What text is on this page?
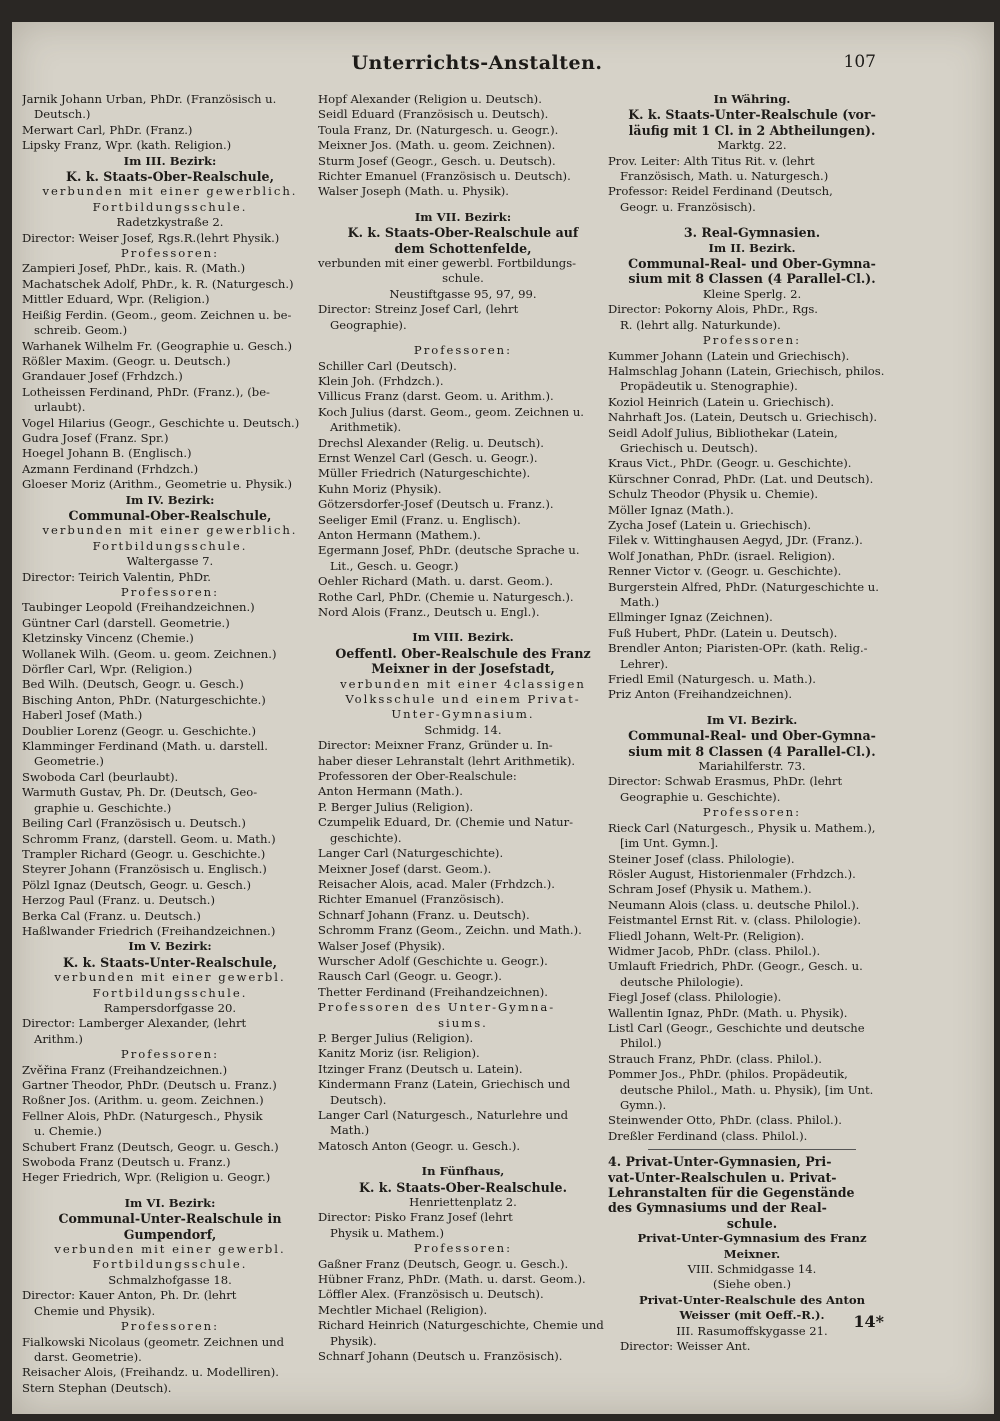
Unterrichts-Anstalten.	107
Jarnik Johann Urban, PhDr. (Französisch u.
Deutsch.)
Merwart Carl, PhDr. (Franz.)
Lipsky Franz, Wpr. (kath. Religion.)
Im III. Bezirk:
K. k. Staats-Ober-Realschule,
verbunden mit einer gewerblich.
Fortbildungsschule.
Radetzkystraße 2.
Director: Weiser Josef, Rgs.R.(lehrt Physik.)
Professoren:
Zampieri Josef, PhDr., kais. R. (Math.)
Machatschek Adolf, PhDr., k. R. (Naturgesch.)
Mittler Eduard, Wpr. (Religion.)
Heißig Ferdin. (Geom., geom. Zeichnen u. be-
schreib. Geom.)
Warhanek Wilhelm Fr. (Geographie u. Gesch.)
Rößler Maxim. (Geogr. u. Deutsch.)
Grandauer Josef (Frhdzch.)
Lotheissen Ferdinand, PhDr. (Franz.), (be-
urlaubt).
Vogel Hilarius (Geogr., Geschichte u. Deutsch.)
Gudra Josef (Franz. Spr.)
Hoegel Johann B. (Englisch.)
Azmann Ferdinand (Frhdzch.)
Gloeser Moriz (Arithm., Geometrie u. Physik.)
Im IV. Bezirk:
Communal-Ober-Realschule,
verbunden mit einer gewerblich.
Fortbildungsschule.
Waltergasse 7.
Director: Teirich Valentin, PhDr.
Professoren:
Taubinger Leopold (Freihandzeichnen.)
Güntner Carl (darstell. Geometrie.)
Kletzinsky Vincenz (Chemie.)
Wollanek Wilh. (Geom. u. geom. Zeichnen.)
Dörfler Carl, Wpr. (Religion.)
Bed Wilh. (Deutsch, Geogr. u. Gesch.)
Bisching Anton, PhDr. (Naturgeschichte.)
Haberl Josef (Math.)
Doublier Lorenz (Geogr. u. Geschichte.)
Klamminger Ferdinand (Math. u. darstell.
Geometrie.)
Swoboda Carl (beurlaubt).
Warmuth Gustav, Ph. Dr. (Deutsch, Geo-
graphie u. Geschichte.)
Beiling Carl (Französisch u. Deutsch.)
Schromm Franz, (darstell. Geom. u. Math.)
Trampler Richard (Geogr. u. Geschichte.)
Steyrer Johann (Französisch u. Englisch.)
Pölzl Ignaz (Deutsch, Geogr. u. Gesch.)
Herzog Paul (Franz. u. Deutsch.)
Berka Cal (Franz. u. Deutsch.)
Haßlwander Friedrich (Freihandzeichnen.)
Im V. Bezirk:
K. k. Staats-Unter-Realschule,
verbunden mit einer gewerbl.
Fortbildungsschule.
Rampersdorfgasse 20.
Director: Lamberger Alexander, (lehrt
Arithm.)
Professoren:
Zvěřina Franz (Freihandzeichnen.)
Gartner Theodor, PhDr. (Deutsch u. Franz.)
Roßner Jos. (Arithm. u. geom. Zeichnen.)
Fellner Alois, PhDr. (Naturgesch., Physik
u. Chemie.)
Schubert Franz (Deutsch, Geogr. u. Gesch.)
Swoboda Franz (Deutsch u. Franz.)
Heger Friedrich, Wpr. (Religion u. Geogr.)
Im VI. Bezirk:
Communal-Unter-Realschule in
Gumpendorf,
verbunden mit einer gewerbl.
Fortbildungsschule.
Schmalzhofgasse 18.
Director: Kauer Anton, Ph. Dr. (lehrt
Chemie und Physik).
Professoren:
Fialkowski Nicolaus (geometr. Zeichnen und
darst. Geometrie).
Reisacher Alois, (Freihandz. u. Modelliren).
Stern Stephan (Deutsch).
Hopf Alexander (Religion u. Deutsch).
Seidl Eduard (Französisch u. Deutsch).
Toula Franz, Dr. (Naturgesch. u. Geogr.).
Meixner Jos. (Math. u. geom. Zeichnen).
Sturm Josef (Geogr., Gesch. u. Deutsch).
Richter Emanuel (Französisch u. Deutsch).
Walser Joseph (Math. u. Physik).
Im VII. Bezirk:
K. k. Staats-Ober-Realschule auf
dem Schottenfelde,
verbunden mit einer gewerbl. Fortbildungs-
schule.
Neustiftgasse 95, 97, 99.
Director: Streinz Josef Carl, (lehrt
Geographie).
Professoren:
Schiller Carl (Deutsch).
Klein Joh. (Frhdzch.).
Villicus Franz (darst. Geom. u. Arithm.).
Koch Julius (darst. Geom., geom. Zeichnen u.
Arithmetik).
Drechsl Alexander (Relig. u. Deutsch).
Ernst Wenzel Carl (Gesch. u. Geogr.).
Müller Friedrich (Naturgeschichte).
Kuhn Moriz (Physik).
Götzersdorfer-Josef (Deutsch u. Franz.).
Seeliger Emil (Franz. u. Englisch).
Anton Hermann (Mathem.).
Egermann Josef, PhDr. (deutsche Sprache u.
Lit., Gesch. u. Geogr.)
Oehler Richard (Math. u. darst. Geom.).
Rothe Carl, PhDr. (Chemie u. Naturgesch.).
Nord Alois (Franz., Deutsch u. Engl.).
Im VIII. Bezirk.
Oeffentl. Ober-Realschule des Franz
Meixner in der Josefstadt,
verbunden mit einer 4classigen
Volksschule und einem Privat-
Unter-Gymnasium.
Schmidg. 14.
Director: Meixner Franz, Gründer u. In-
haber dieser Lehranstalt (lehrt Arithmetik).
Professoren der Ober-Realschule:
Anton Hermann (Math.).
P. Berger Julius (Religion).
Czumpelik Eduard, Dr. (Chemie und Natur-
geschichte).
Langer Carl (Naturgeschichte).
Meixner Josef (darst. Geom.).
Reisacher Alois, acad. Maler (Frhdzch.).
Richter Emanuel (Französisch).
Schnarf Johann (Franz. u. Deutsch).
Schromm Franz (Geom., Zeichn. und Math.).
Walser Josef (Physik).
Wurscher Adolf (Geschichte u. Geogr.).
Rausch Carl (Geogr. u. Geogr.).
Thetter Ferdinand (Freihandzeichnen).
Professoren des Unter-Gymna-
siums.
P. Berger Julius (Religion).
Kanitz Moriz (isr. Religion).
Itzinger Franz (Deutsch u. Latein).
Kindermann Franz (Latein, Griechisch und
Deutsch).
Langer Carl (Naturgesch., Naturlehre und
Math.)
Matosch Anton (Geogr. u. Gesch.).
In Fünfhaus,
K. k. Staats-Ober-Realschule.
Henriettenplatz 2.
Director: Pisko Franz Josef (lehrt
Physik u. Mathem.)
Professoren:
Gaßner Franz (Deutsch, Geogr. u. Gesch.).
Hübner Franz, PhDr. (Math. u. darst. Geom.).
Löffler Alex. (Französisch u. Deutsch).
Mechtler Michael (Religion).
Richard Heinrich (Naturgeschichte, Chemie und
Physik).
Schnarf Johann (Deutsch u. Französisch).
In Währing.
K. k. Staats-Unter-Realschule (vor-
läufig mit 1 Cl. in 2 Abtheilungen).
Marktg. 22.
Prov. Leiter: Alth Titus Rit. v. (lehrt
Französisch, Math. u. Naturgesch.)
Professor: Reidel Ferdinand (Deutsch,
Geogr. u. Französisch).
3. Real-Gymnasien.
Im II. Bezirk.
Communal-Real- und Ober-Gymna-
sium mit 8 Classen (4 Parallel-Cl.).
Kleine Sperlg. 2.
Director: Pokorny Alois, PhDr., Rgs.
R. (lehrt allg. Naturkunde).
Professoren:
Kummer Johann (Latein und Griechisch).
Halmschlag Johann (Latein, Griechisch, philos.
Propädeutik u. Stenographie).
Koziol Heinrich (Latein u. Griechisch).
Nahrhaft Jos. (Latein, Deutsch u. Griechisch).
Seidl Adolf Julius, Bibliothekar (Latein,
Griechisch u. Deutsch).
Kraus Vict., PhDr. (Geogr. u. Geschichte).
Kürschner Conrad, PhDr. (Lat. und Deutsch).
Schulz Theodor (Physik u. Chemie).
Möller Ignaz (Math.).
Zycha Josef (Latein u. Griechisch).
Filek v. Wittinghausen Aegyd, JDr. (Franz.).
Wolf Jonathan, PhDr. (israel. Religion).
Renner Victor v. (Geogr. u. Geschichte).
Burgerstein Alfred, PhDr. (Naturgeschichte u.
Math.)
Ellminger Ignaz (Zeichnen).
Fuß Hubert, PhDr. (Latein u. Deutsch).
Brendler Anton; Piaristen-OPr. (kath. Relig.-
Lehrer).
Friedl Emil (Naturgesch. u. Math.).
Priz Anton (Freihandzeichnen).
Im VI. Bezirk.
Communal-Real- und Ober-Gymna-
sium mit 8 Classen (4 Parallel-Cl.).
Mariahilferstr. 73.
Director: Schwab Erasmus, PhDr. (lehrt
Geographie u. Geschichte).
Professoren:
Rieck Carl (Naturgesch., Physik u. Mathem.),
[im Unt. Gymn.].
Steiner Josef (class. Philologie).
Rösler August, Historienmaler (Frhdzch.).
Schram Josef (Physik u. Mathem.).
Neumann Alois (class. u. deutsche Philol.).
Feistmantel Ernst Rit. v. (class. Philologie).
Fliedl Johann, Welt-Pr. (Religion).
Widmer Jacob, PhDr. (class. Philol.).
Umlauft Friedrich, PhDr. (Geogr., Gesch. u.
deutsche Philologie).
Fiegl Josef (class. Philologie).
Wallentin Ignaz, PhDr. (Math. u. Physik).
Listl Carl (Geogr., Geschichte und deutsche
Philol.)
Strauch Franz, PhDr. (class. Philol.).
Pommer Jos., PhDr. (philos. Propädeutik,
deutsche Philol., Math. u. Physik), [im Unt.
Gymn.).
Steinwender Otto, PhDr. (class. Philol.).
Dreßler Ferdinand (class. Philol.).
4. Privat-Unter-Gymnasien, Pri-
vat-Unter-Realschulen u. Privat-
Lehranstalten für die Gegenstände
des Gymnasiums und der Real-
schule.
Privat-Unter-Gymnasium des Franz
Meixner.
VIII. Schmidgasse 14.
(Siehe oben.)
Privat-Unter-Realschule des Anton
Weisser (mit Oeff.-R.).
III. Rasumoffskygasse 21.
Director: Weisser Ant.
14*
